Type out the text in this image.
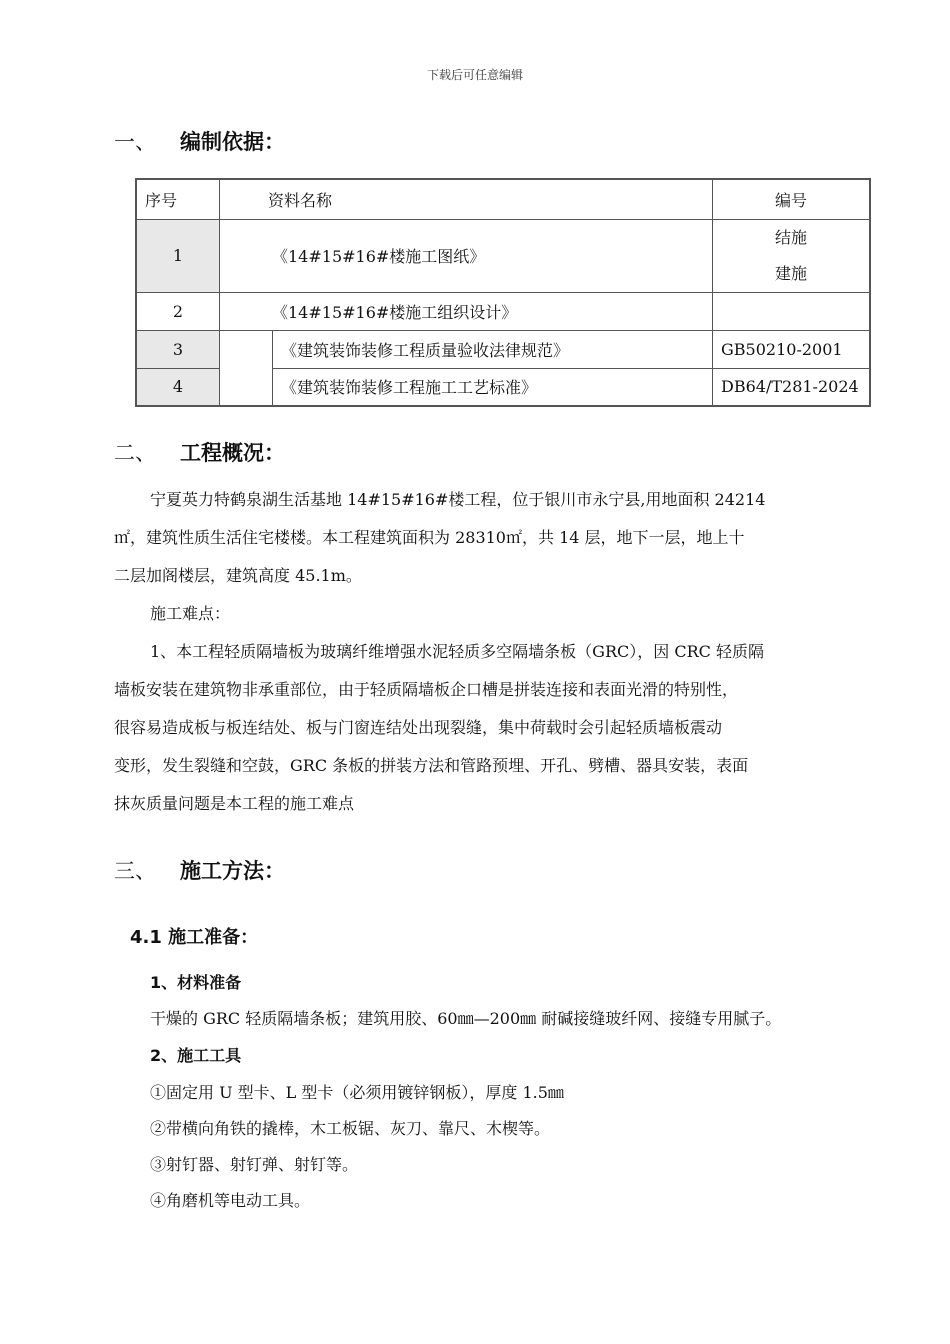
下载后可任意编辑
一、 编制依据：
序号	资料名称		编号
1	《14#15#16#楼施工图纸》		结施
建施

2	《14#15#16#楼施工组织设计》		
3		《建筑装饰装修工程质量验收法律规范》	GB50210-2001
4		《建筑装饰装修工程施工工艺标准》	DB64/T281-2024
二、 工程概况：
宁夏英力特鹤泉湖生活基地 14#15#16#楼工程，位于银川市永宁县,用地面积 24214
㎡，建筑性质生活住宅楼楼。本工程建筑面积为 28310㎡，共 14 层，地下一层，地上十
二层加阁楼层，建筑高度 45.1m。
施工难点：
1、本工程轻质隔墙板为玻璃纤维增强水泥轻质多空隔墙条板（GRC），因 CRC 轻质隔
墙板安装在建筑物非承重部位，由于轻质隔墙板企口槽是拼装连接和表面光滑的特别性，
很容易造成板与板连结处、板与门窗连结处出现裂缝，集中荷载时会引起轻质墙板震动
变形，发生裂缝和空鼓，GRC 条板的拼装方法和管路预埋、开孔、劈槽、器具安装，表面
抹灰质量问题是本工程的施工难点
三、 施工方法：
4.1 施工准备：
1、材料准备
干燥的 GRC 轻质隔墙条板；建筑用胶、60㎜—200㎜ 耐碱接缝玻纤网、接缝专用腻子。
2、施工工具
①固定用 U 型卡、L 型卡（必须用镀锌钢板），厚度 1.5㎜
②带横向角铁的撬棒，木工板锯、灰刀、靠尺、木楔等。
③射钉器、射钉弹、射钉等。
④角磨机等电动工具。
